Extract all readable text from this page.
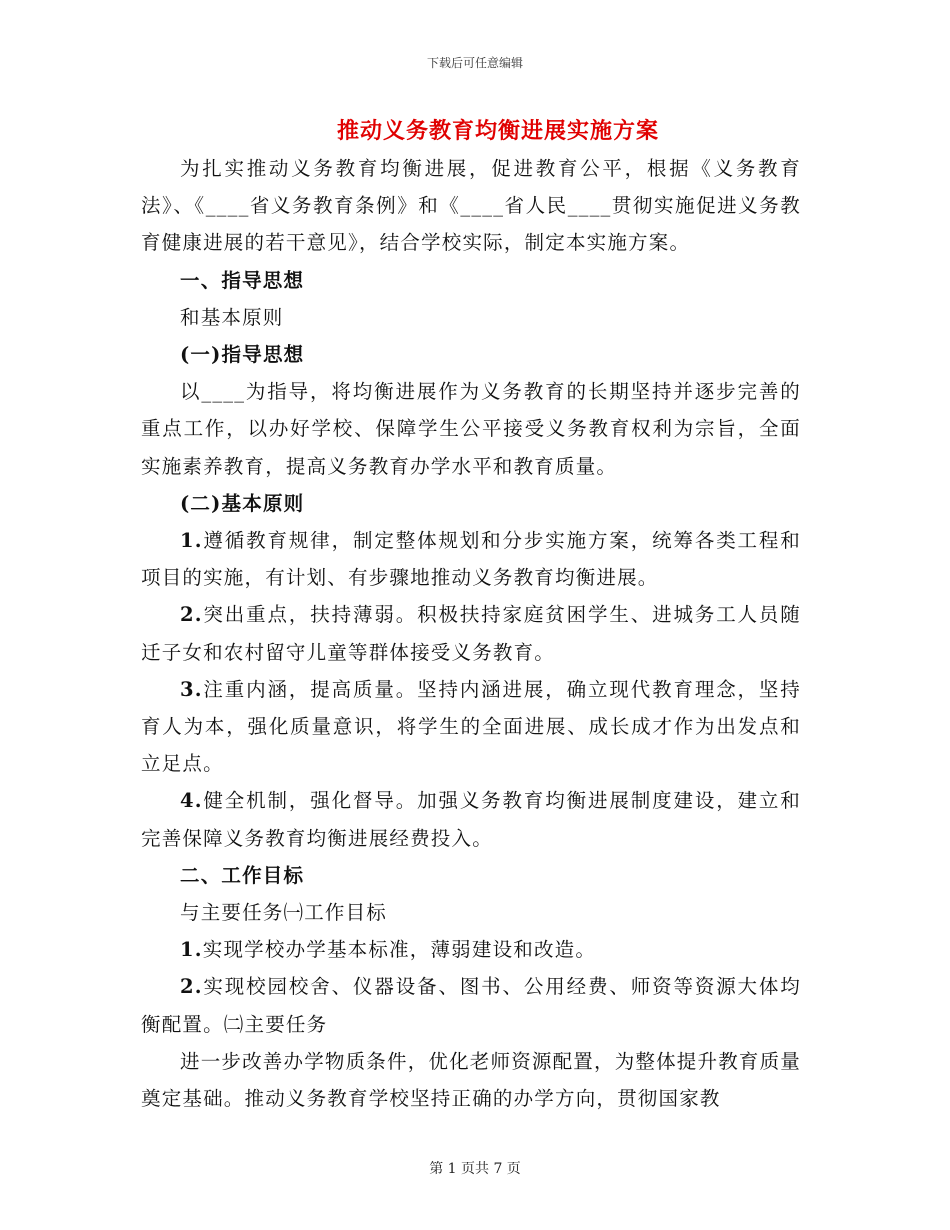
下载后可任意编辑
推动义务教育均衡进展实施方案

为扎实推动义务教育均衡进展，促进教育公平，根据《义务教育法》、《____省义务教育条例》和《____省人民____贯彻实施促进义务教育健康进展的若干意见》，结合学校实际，制定本实施方案。

一、指导思想

和基本原则

(一)指导思想

以____为指导，将均衡进展作为义务教育的长期坚持并逐步完善的重点工作，以办好学校、保障学生公平接受义务教育权利为宗旨，全面实施素养教育，提高义务教育办学水平和教育质量。

(二)基本原则

1.遵循教育规律，制定整体规划和分步实施方案，统筹各类工程和项目的实施，有计划、有步骤地推动义务教育均衡进展。

2.突出重点，扶持薄弱。积极扶持家庭贫困学生、进城务工人员随迁子女和农村留守儿童等群体接受义务教育。

3.注重内涵，提高质量。坚持内涵进展，确立现代教育理念，坚持育人为本，强化质量意识，将学生的全面进展、成长成才作为出发点和立足点。

4.健全机制，强化督导。加强义务教育均衡进展制度建设，建立和完善保障义务教育均衡进展经费投入。

二、工作目标

与主要任务㈠工作目标

1.实现学校办学基本标准，薄弱建设和改造。

2.实现校园校舍、仪器设备、图书、公用经费、师资等资源大体均衡配置。㈡主要任务

进一步改善办学物质条件，优化老师资源配置，为整体提升教育质量奠定基础。推动义务教育学校坚持正确的办学方向，贯彻国家教

第 1 页共 7 页
